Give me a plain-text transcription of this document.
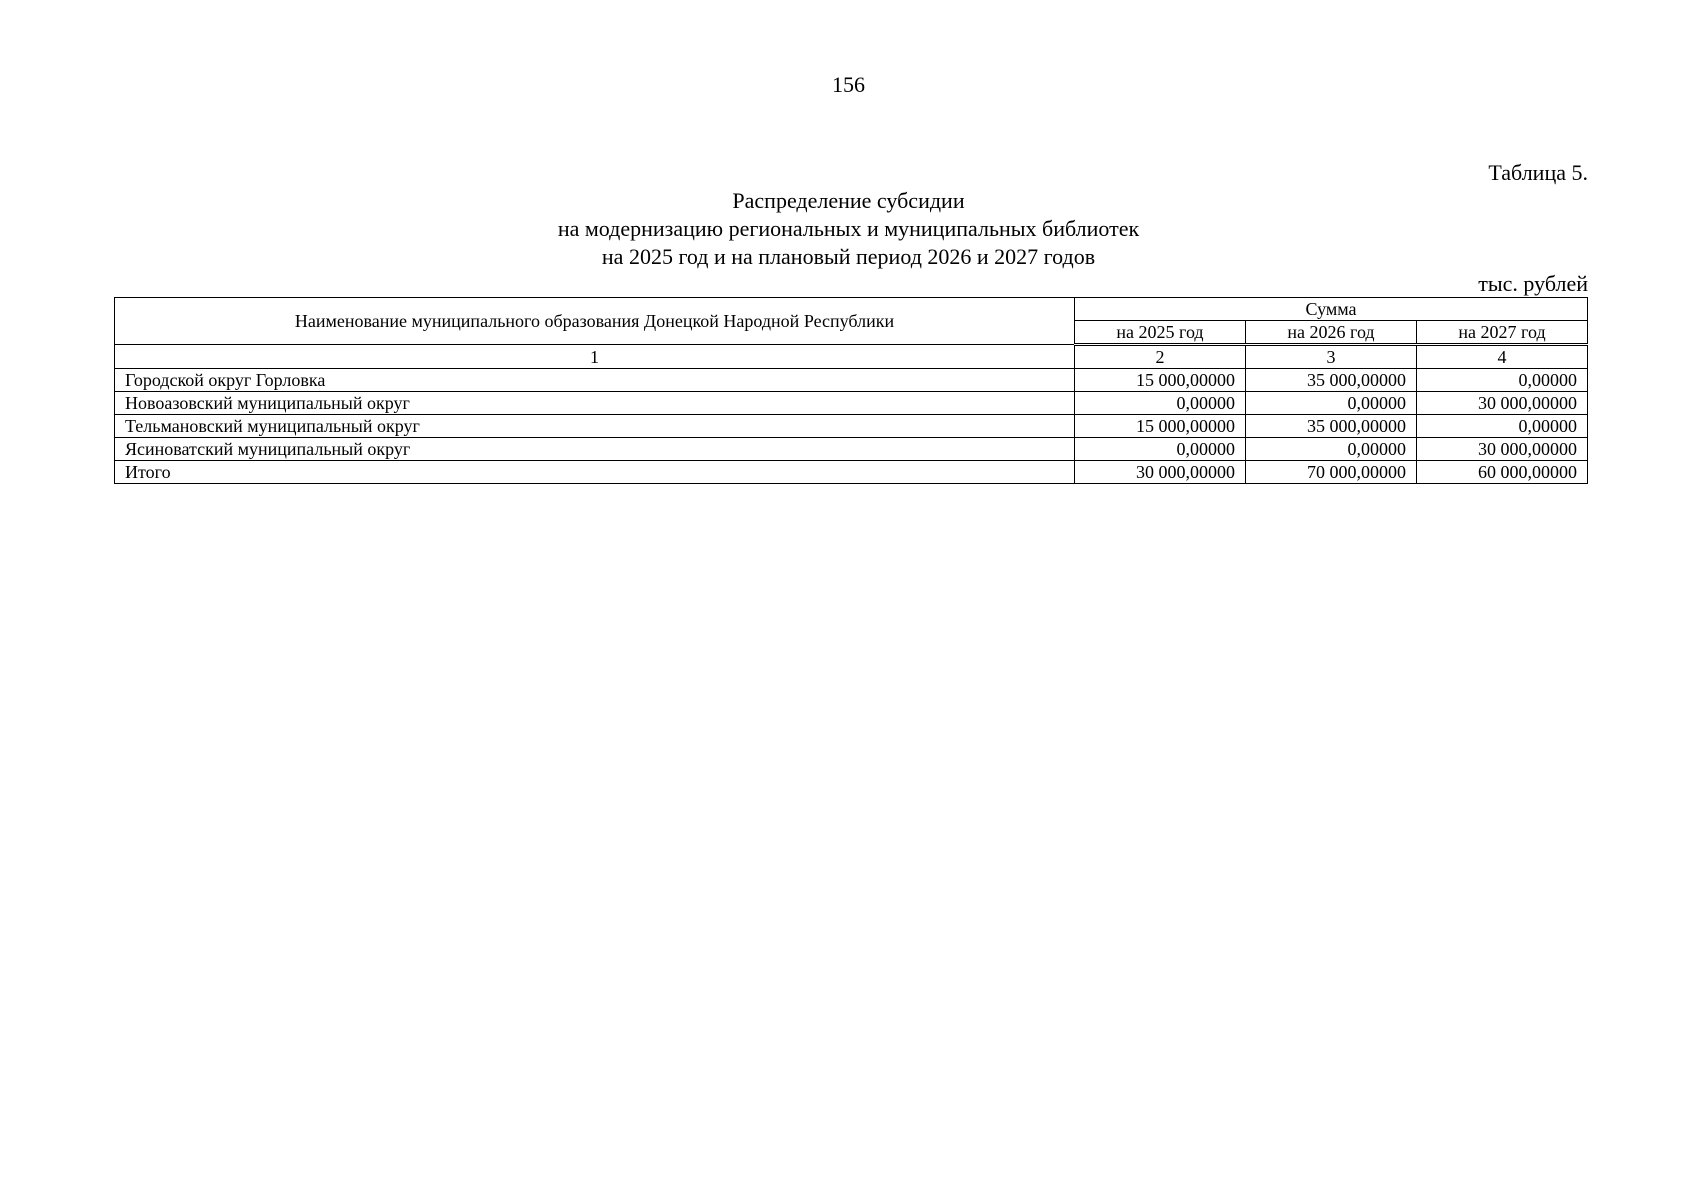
156
Таблица 5.
Распределение субсидии
на модернизацию региональных и муниципальных библиотек
на 2025 год и на плановый период 2026 и 2027 годов
тыс. рублей
Наименование муниципального образования Донецкой Народной Республики	Сумма		
	на 2025 год	на 2026 год	на 2027 год
1	2	3	4
Городской округ Горловка	15 000,00000	35 000,00000	0,00000
Новоазовский муниципальный округ	0,00000	0,00000	30 000,00000
Тельмановский муниципальный округ	15 000,00000	35 000,00000	0,00000
Ясиноватский муниципальный округ	0,00000	0,00000	30 000,00000
Итого	30 000,00000	70 000,00000	60 000,00000
